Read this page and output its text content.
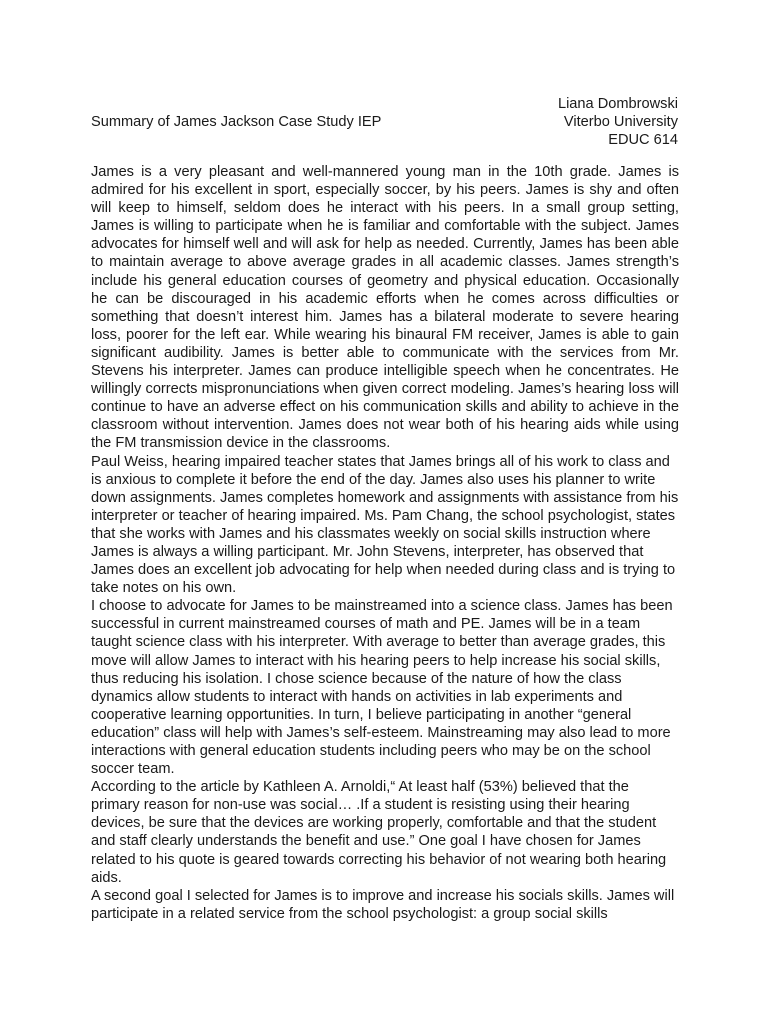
Liana Dombrowski
Viterbo University
EDUC 614
Summary of James Jackson Case Study IEP

James is a very pleasant and well-mannered young man in the 10th grade. James is admired for his excellent in sport, especially soccer, by his peers. James is shy and often will keep to himself, seldom does he interact with his peers. In a small group setting, James is willing to participate when he is familiar and comfortable with the subject. James advocates for himself well and will ask for help as needed. Currently, James has been able to maintain average to above average grades in all academic classes. James strength’s include his general education courses of geometry and physical education. Occasionally he can be discouraged in his academic efforts when he comes across difficulties or something that doesn’t interest him. James has a bilateral moderate to severe hearing loss, poorer for the left ear. While wearing his binaural FM receiver, James is able to gain significant audibility. James is better able to communicate with the services from Mr. Stevens his interpreter. James can produce intelligible speech when he concentrates. He willingly corrects mispronunciations when given correct modeling. James’s hearing loss will continue to have an adverse effect on his communication skills and ability to achieve in the classroom without intervention. James does not wear both of his hearing aids while using the FM transmission device in the classrooms.

Paul Weiss, hearing impaired teacher states that James brings all of his work to class and is anxious to complete it before the end of the day. James also uses his planner to write down assignments. James completes homework and assignments with assistance from his interpreter or teacher of hearing impaired. Ms. Pam Chang, the school psychologist, states that she works with James and his classmates weekly on social skills instruction where James is always a willing participant. Mr. John Stevens, interpreter, has observed that James does an excellent job advocating for help when needed during class and is trying to take notes on his own.

I choose to advocate for James to be mainstreamed into a science class. James has been successful in current mainstreamed courses of math and PE. James will be in a team taught science class with his interpreter. With average to better than average grades, this move will allow James to interact with his hearing peers to help increase his social skills, thus reducing his isolation. I chose science because of the nature of how the class dynamics allow students to interact with hands on activities in lab experiments and cooperative learning opportunities. In turn, I believe participating in another “general education” class will help with James’s self-esteem. Mainstreaming may also lead to more interactions with general education students including peers who may be on the school soccer team.

According to the article by Kathleen A. Arnoldi,“ At least half (53%) believed that the primary reason for non-use was social… .If a student is resisting using their hearing devices, be sure that the devices are working properly, comfortable and that the student and staff clearly understands the benefit and use.” One goal I have chosen for James related to his quote is geared towards correcting his behavior of not wearing both hearing aids.

A second goal I selected for James is to improve and increase his socials skills. James will participate in a related service from the school psychologist: a group social skills
